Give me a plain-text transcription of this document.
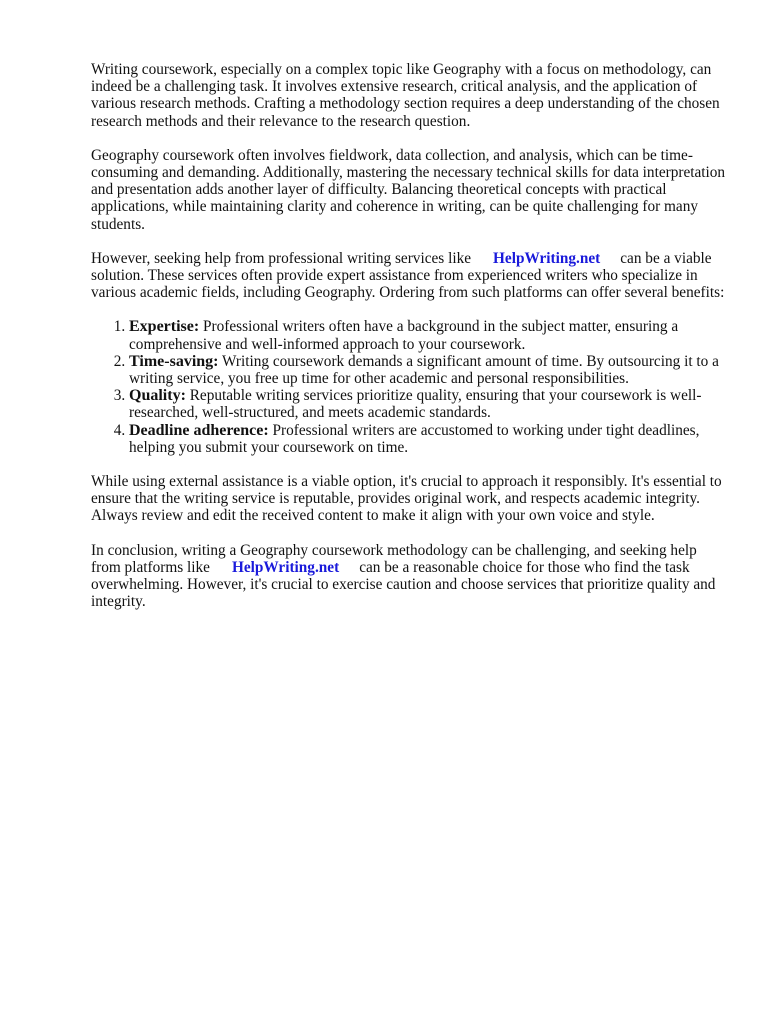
Writing coursework, especially on a complex topic like Geography with a focus on methodology, can indeed be a challenging task. It involves extensive research, critical analysis, and the application of various research methods. Crafting a methodology section requires a deep understanding of the chosen research methods and their relevance to the research question.

Geography coursework often involves fieldwork, data collection, and analysis, which can be time-consuming and demanding. Additionally, mastering the necessary technical skills for data interpretation and presentation adds another layer of difficulty. Balancing theoretical concepts with practical applications, while maintaining clarity and coherence in writing, can be quite challenging for many students.

However, seeking help from professional writing services like HelpWriting.net can be a viable solution. These services often provide expert assistance from experienced writers who specialize in various academic fields, including Geography. Ordering from such platforms can offer several benefits:

1. Expertise: Professional writers often have a background in the subject matter, ensuring a comprehensive and well-informed approach to your coursework.
2. Time-saving: Writing coursework demands a significant amount of time. By outsourcing it to a writing service, you free up time for other academic and personal responsibilities.
3. Quality: Reputable writing services prioritize quality, ensuring that your coursework is well-researched, well-structured, and meets academic standards.
4. Deadline adherence: Professional writers are accustomed to working under tight deadlines, helping you submit your coursework on time.

While using external assistance is a viable option, it's crucial to approach it responsibly. It's essential to ensure that the writing service is reputable, provides original work, and respects academic integrity. Always review and edit the received content to make it align with your own voice and style.

In conclusion, writing a Geography coursework methodology can be challenging, and seeking help from platforms like HelpWriting.net can be a reasonable choice for those who find the task overwhelming. However, it's crucial to exercise caution and choose services that prioritize quality and integrity.
